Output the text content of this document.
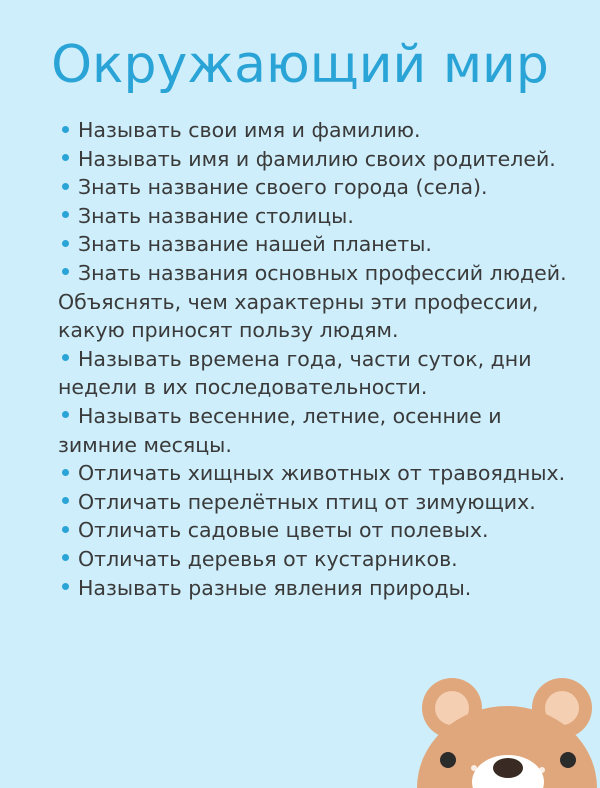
Окружающий мир
Называть свои имя и фамилию.
Называть имя и фамилию своих родителей.
Знать название своего города (села).
Знать название столицы.
Знать название нашей планеты.
Знать названия основных профессий людей. Объяснять, чем характерны эти профессии, какую приносят пользу людям.
Называть времена года, части суток, дни недели в их последовательности.
Называть весенние, летние, осенние и зимние месяцы.
Отличать хищных животных от травоядных.
Отличать перелётных птиц от зимующих.
Отличать садовые цветы от полевых.
Отличать деревья от кустарников.
Называть разные явления природы.
